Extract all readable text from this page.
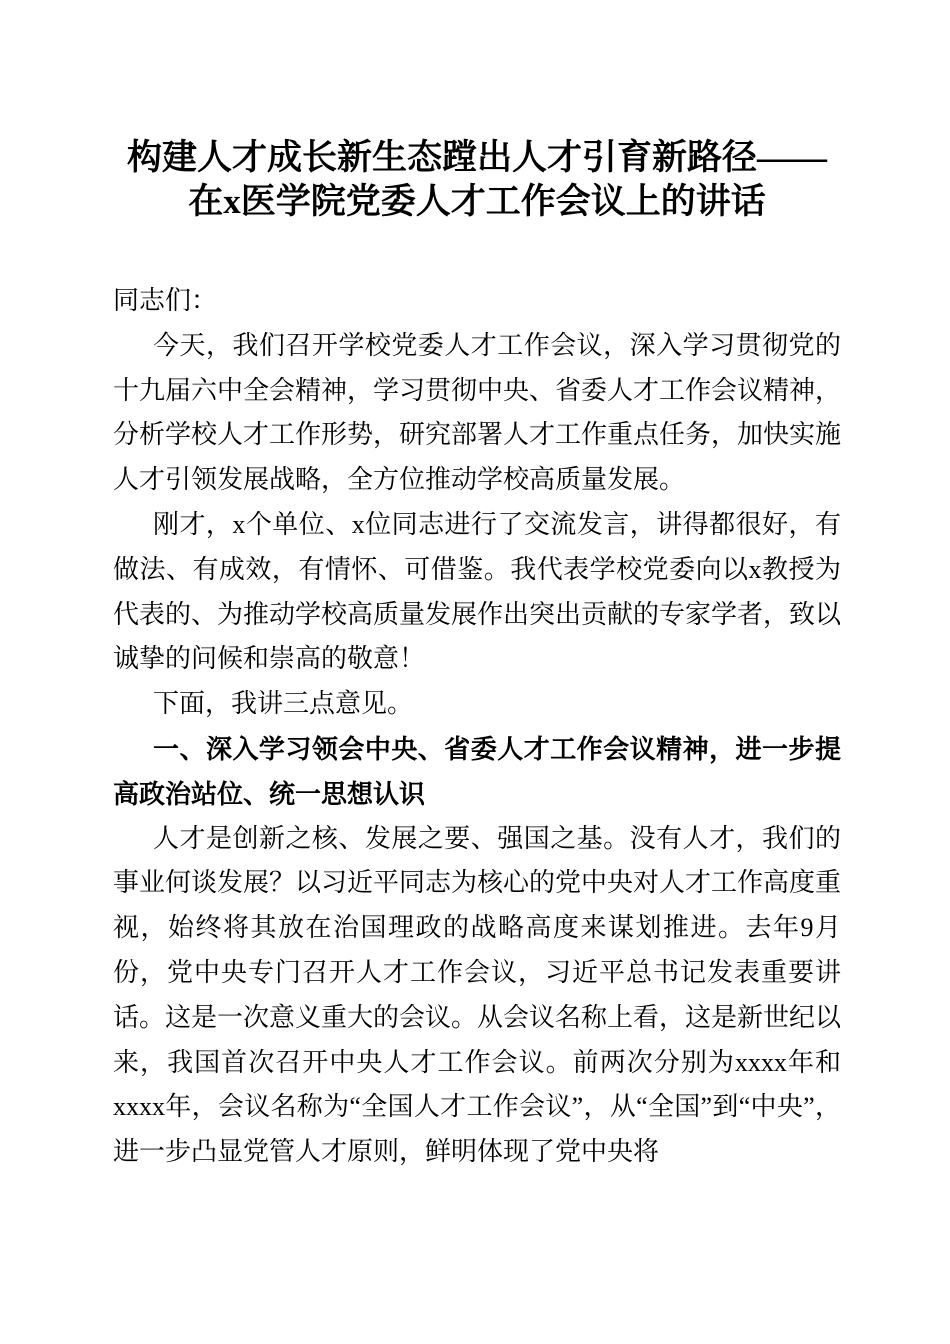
构建人才成长新生态蹚出人才引育新路径——
在x医学院党委人才工作会议上的讲话

同志们：

今天，我们召开学校党委人才工作会议，深入学习贯彻党的十九届六中全会精神，学习贯彻中央、省委人才工作会议精神，分析学校人才工作形势，研究部署人才工作重点任务，加快实施人才引领发展战略，全方位推动学校高质量发展。

刚才，x个单位、x位同志进行了交流发言，讲得都很好，有做法、有成效，有情怀、可借鉴。我代表学校党委向以x教授为代表的、为推动学校高质量发展作出突出贡献的专家学者，致以诚挚的问候和崇高的敬意！

下面，我讲三点意见。

一、深入学习领会中央、省委人才工作会议精神，进一步提高政治站位、统一思想认识

人才是创新之核、发展之要、强国之基。没有人才，我们的事业何谈发展？以习近平同志为核心的党中央对人才工作高度重视，始终将其放在治国理政的战略高度来谋划推进。去年9月份，党中央专门召开人才工作会议，习近平总书记发表重要讲话。这是一次意义重大的会议。从会议名称上看，这是新世纪以来，我国首次召开中央人才工作会议。前两次分别为xxxx年和xxxx年，会议名称为“全国人才工作会议”，从“全国”到“中央”，进一步凸显党管人才原则，鲜明体现了党中央将
